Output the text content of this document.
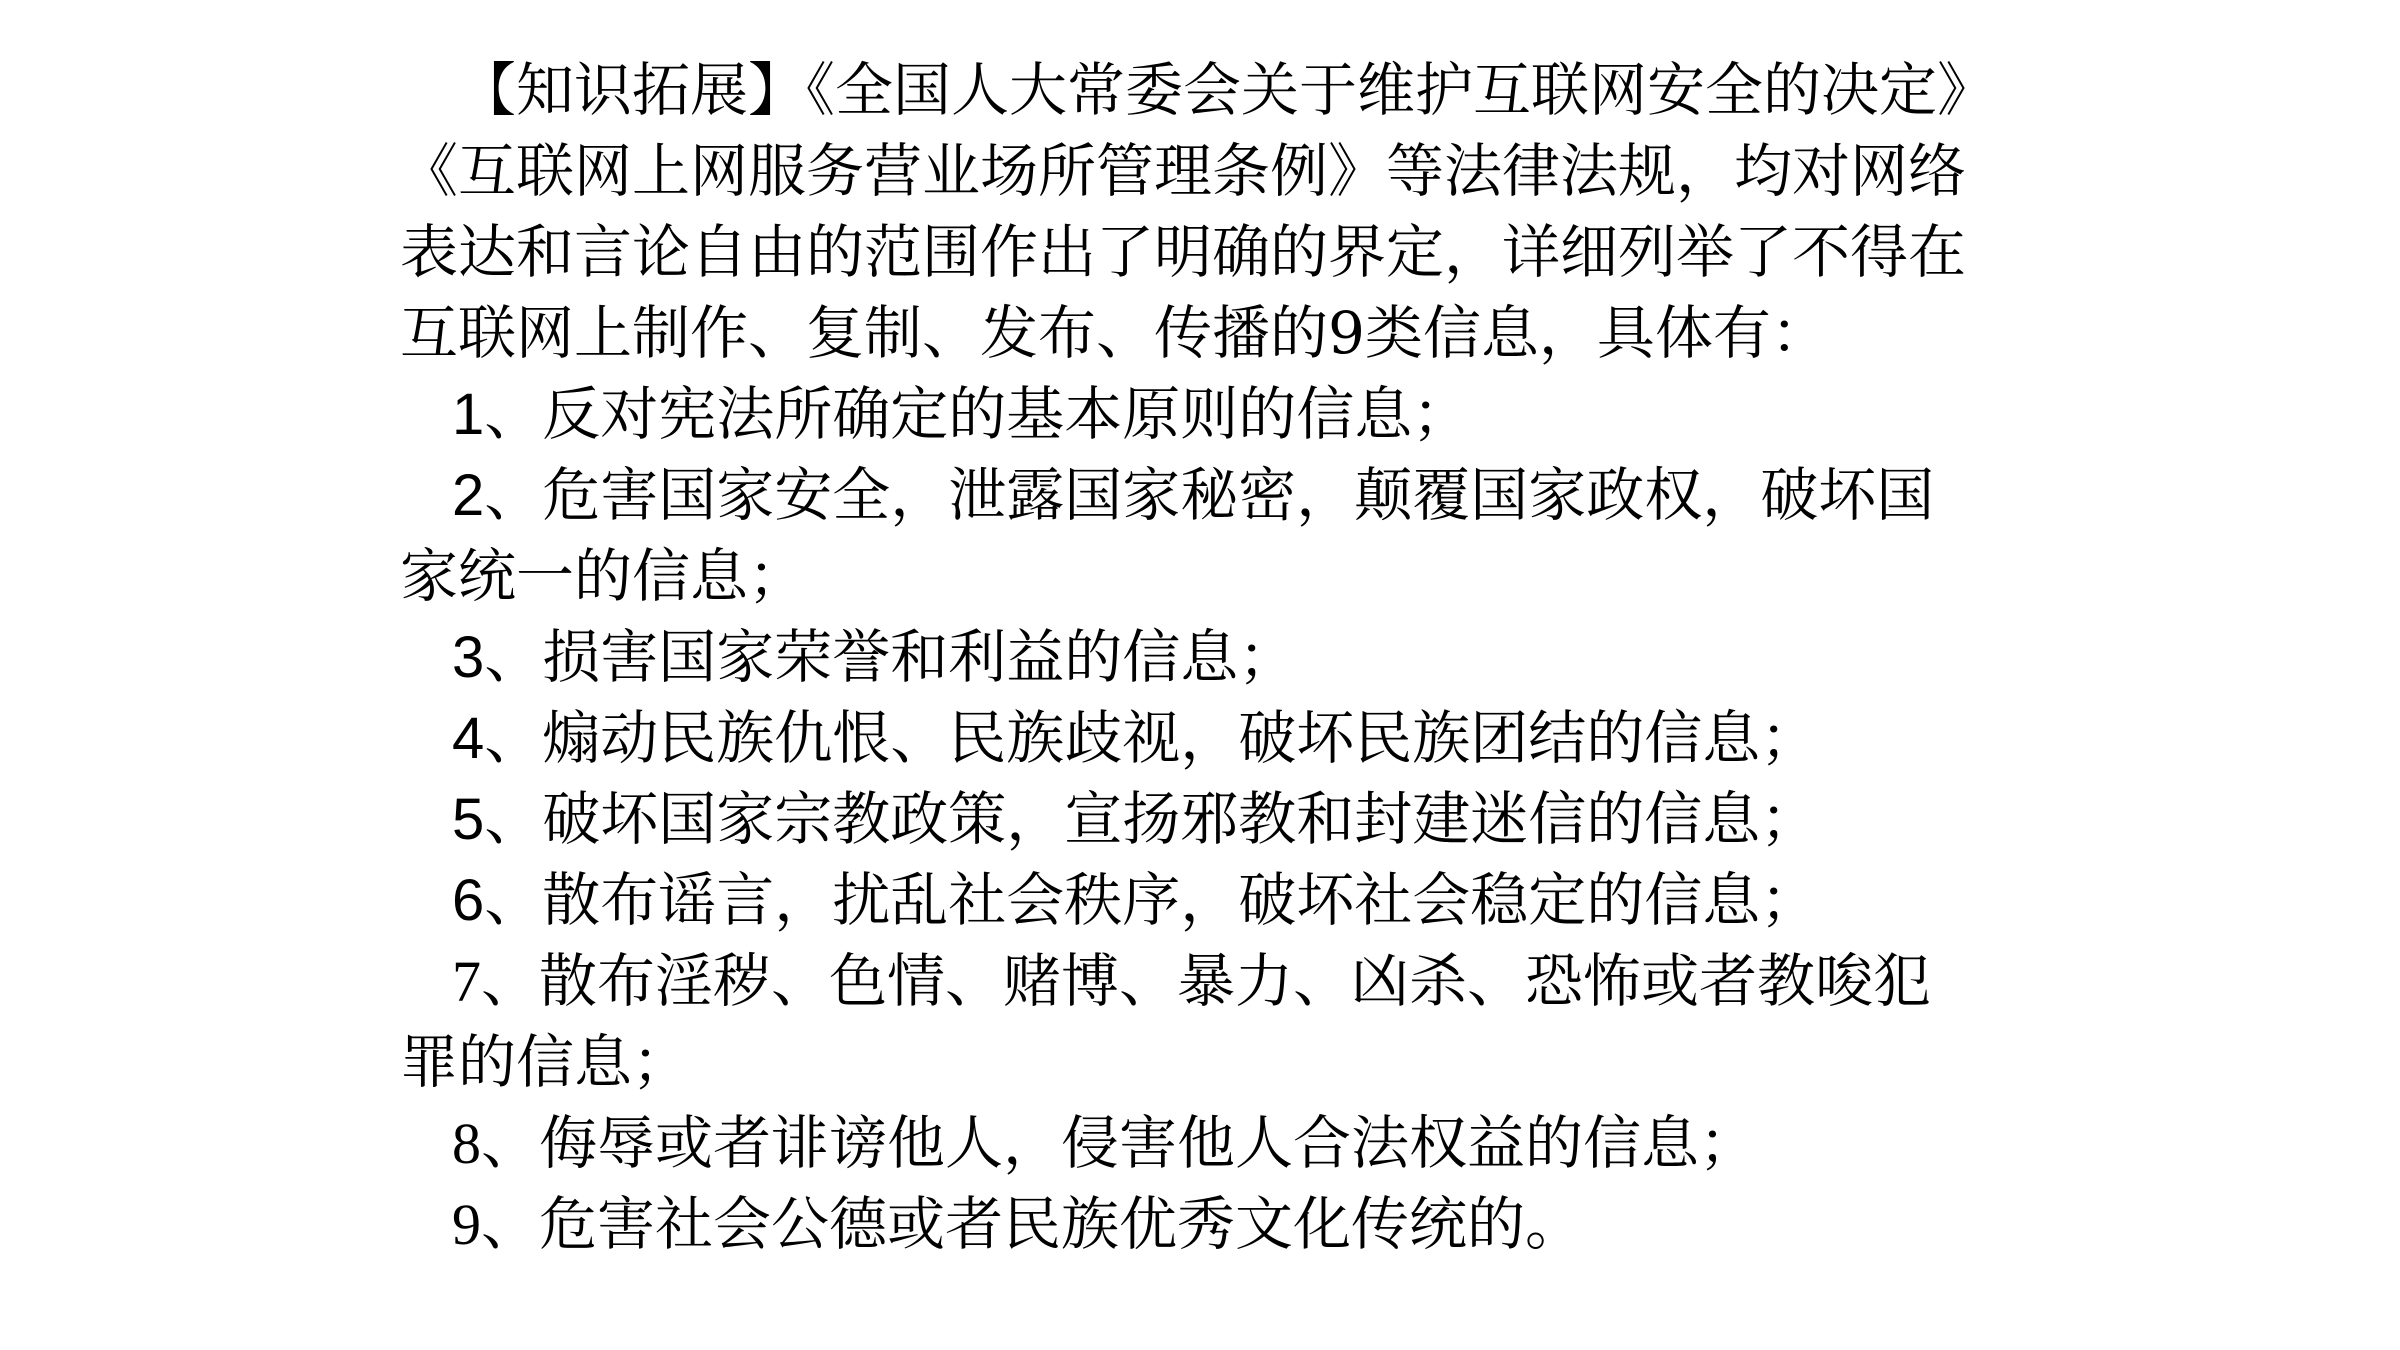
【知识拓展】《全国人大常委会关于维护互联网安全的决定》
《互联网上网服务营业场所管理条例》等法律法规，均对网络
表达和言论自由的范围作出了明确的界定，详细列举了不得在
互联网上制作、复制、发布、传播的9类信息，具体有：
1、反对宪法所确定的基本原则的信息；
2、危害国家安全，泄露国家秘密，颠覆国家政权，破坏国
家统一的信息；
3、损害国家荣誉和利益的信息；
4、煽动民族仇恨、民族歧视，破坏民族团结的信息；
5、破坏国家宗教政策，宣扬邪教和封建迷信的信息；
6、散布谣言，扰乱社会秩序，破坏社会稳定的信息；
7、散布淫秽、色情、赌博、暴力、凶杀、恐怖或者教唆犯
罪的信息；
8、侮辱或者诽谤他人，侵害他人合法权益的信息；
9、危害社会公德或者民族优秀文化传统的。
